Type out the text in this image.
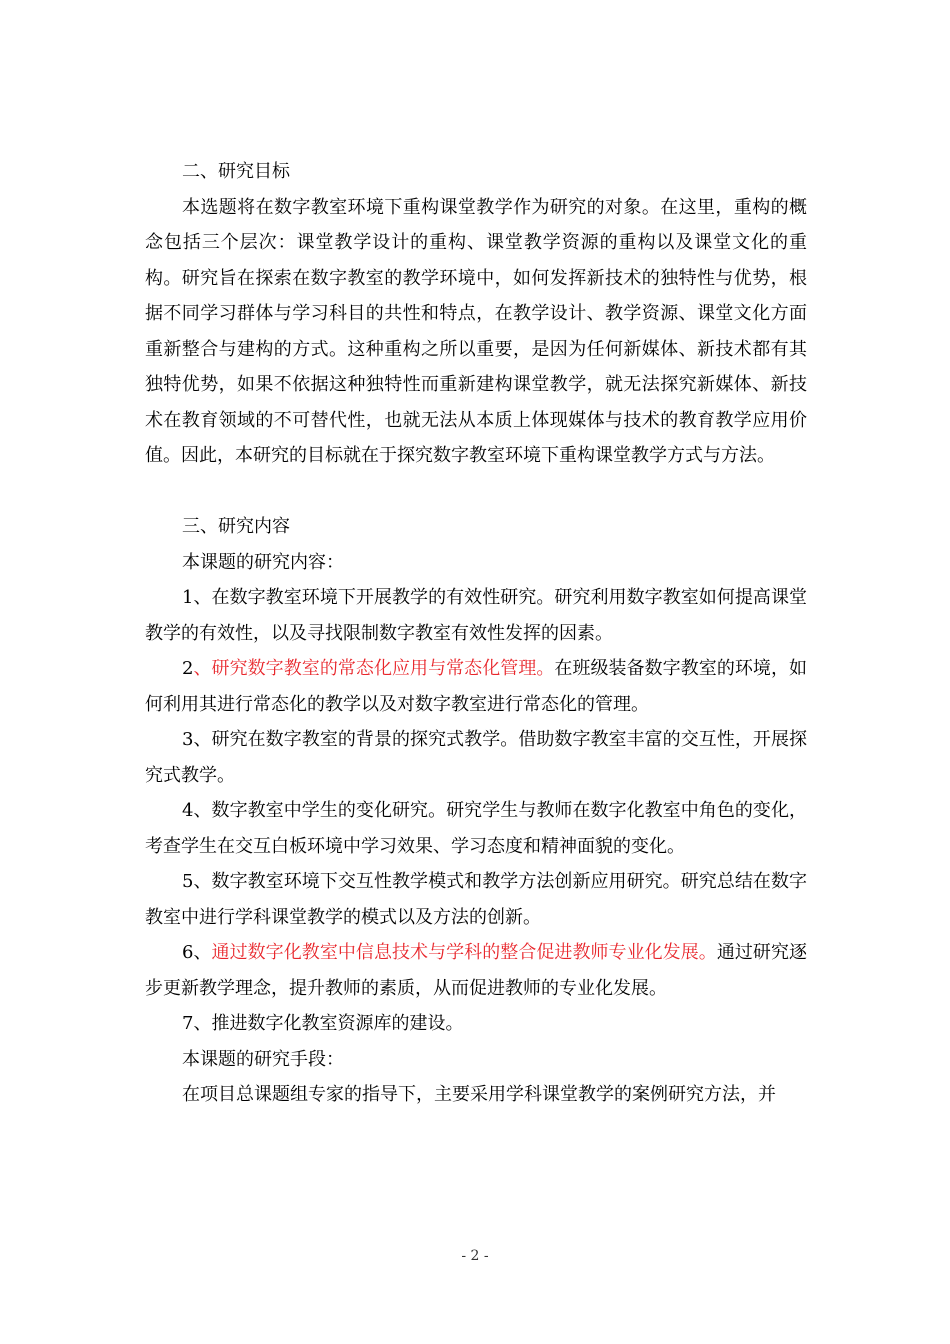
二、研究目标

本选题将在数字教室环境下重构课堂教学作为研究的对象。在这里，重构的概念包括三个层次：课堂教学设计的重构、课堂教学资源的重构以及课堂文化的重构。研究旨在探索在数字教室的教学环境中，如何发挥新技术的独特性与优势，根据不同学习群体与学习科目的共性和特点，在教学设计、教学资源、课堂文化方面重新整合与建构的方式。这种重构之所以重要，是因为任何新媒体、新技术都有其独特优势，如果不依据这种独特性而重新建构课堂教学，就无法探究新媒体、新技术在教育领域的不可替代性，也就无法从本质上体现媒体与技术的教育教学应用价值。因此，本研究的目标就在于探究数字教室环境下重构课堂教学方式与方法。

三、研究内容

本课题的研究内容：

1、在数字教室环境下开展教学的有效性研究。研究利用数字教室如何提高课堂教学的有效性，以及寻找限制数字教室有效性发挥的因素。

2、研究数字教室的常态化应用与常态化管理。在班级装备数字教室的环境，如何利用其进行常态化的教学以及对数字教室进行常态化的管理。

3、研究在数字教室的背景的探究式教学。借助数字教室丰富的交互性，开展探究式教学。

4、数字教室中学生的变化研究。研究学生与教师在数字化教室中角色的变化，考查学生在交互白板环境中学习效果、学习态度和精神面貌的变化。

5、数字教室环境下交互性教学模式和教学方法创新应用研究。研究总结在数字教室中进行学科课堂教学的模式以及方法的创新。

6、通过数字化教室中信息技术与学科的整合促进教师专业化发展。通过研究逐步更新教学理念，提升教师的素质，从而促进教师的专业化发展。

7、推进数字化教室资源库的建设。

本课题的研究手段：

在项目总课题组专家的指导下，主要采用学科课堂教学的案例研究方法，并

- 2 -
